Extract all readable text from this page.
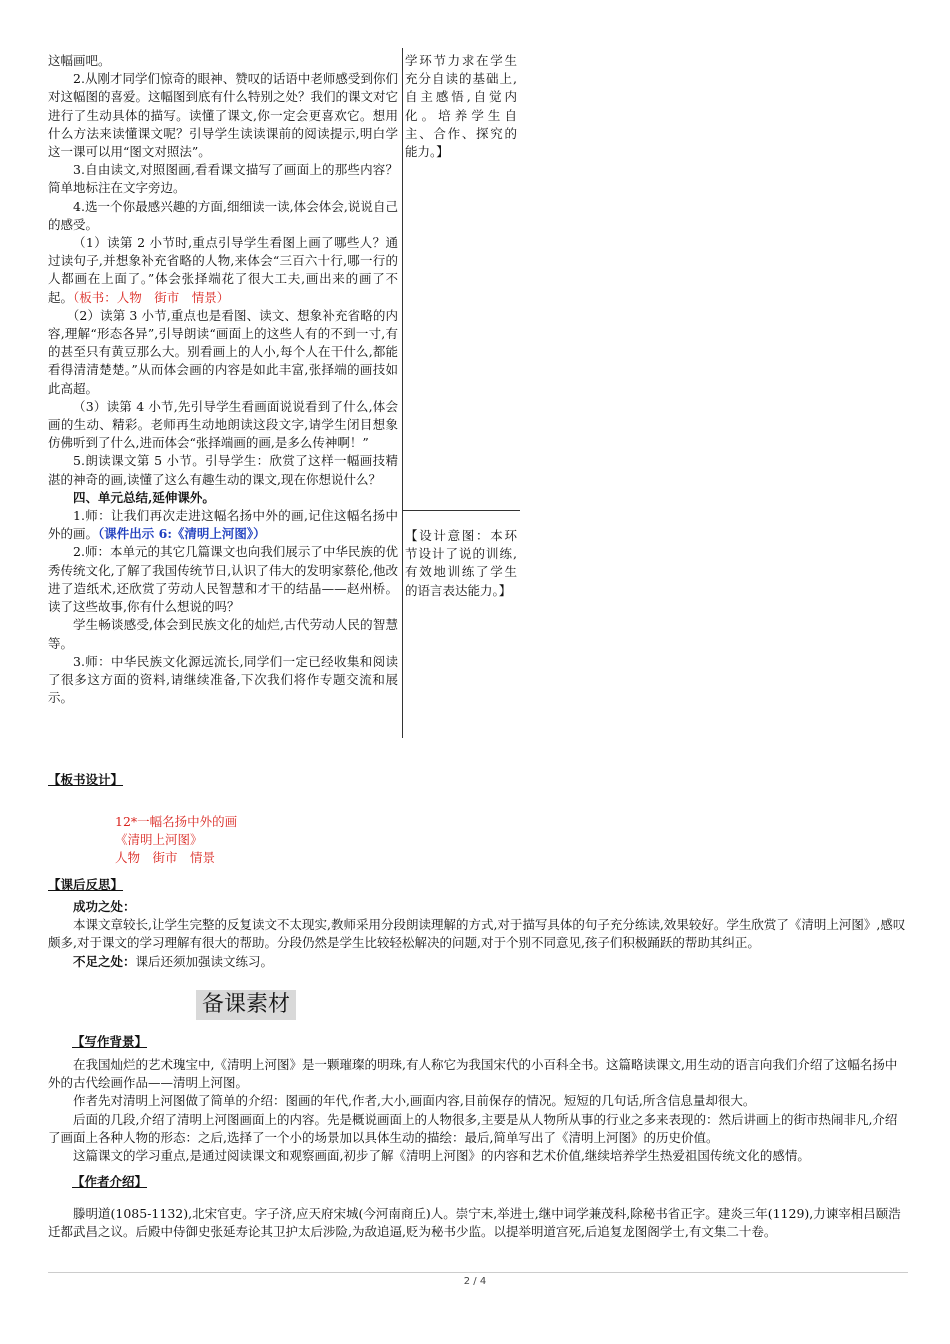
这幅画吧。

2.从刚才同学们惊奇的眼神、赞叹的话语中老师感受到你们对这幅图的喜爱。这幅图到底有什么特别之处？我们的课文对它进行了生动具体的描写。读懂了课文,你一定会更喜欢它。想用什么方法来读懂课文呢？引导学生读读课前的阅读提示,明白学这一课可以用“图文对照法”。

3.自由读文,对照图画,看看课文描写了画面上的那些内容？简单地标注在文字旁边。

4.选一个你最感兴趣的方面,细细读一读,体会体会,说说自己的感受。

（1）读第 2 小节时,重点引导学生看图上画了哪些人？通过读句子,并想象补充省略的人物,来体会“三百六十行,哪一行的人都画在上面了。”体会张择端花了很大工夫,画出来的画了不起。（板书：人物　街市　情景）

（2）读第 3 小节,重点也是看图、读文、想象补充省略的内容,理解“形态各异”,引导朗读“画面上的这些人有的不到一寸,有的甚至只有黄豆那么大。别看画上的人小,每个人在干什么,都能看得清清楚楚。”从而体会画的内容是如此丰富,张择端的画技如此高超。

（3）读第 4 小节,先引导学生看画面说说看到了什么,体会画的生动、精彩。老师再生动地朗读这段文字,请学生闭目想象仿佛听到了什么,进而体会“张择端画的画,是多么传神啊！”

5.朗读课文第 5 小节。引导学生：欣赏了这样一幅画技精湛的神奇的画,读懂了这么有趣生动的课文,现在你想说什么？

四、单元总结,延伸课外。

1.师：让我们再次走进这幅名扬中外的画,记住这幅名扬中外的画。（课件出示 6:《清明上河图》）

2.师：本单元的其它几篇课文也向我们展示了中华民族的优秀传统文化,了解了我国传统节日,认识了伟大的发明家蔡伦,他改进了造纸术,还欣赏了劳动人民智慧和才干的结晶——赵州桥。读了这些故事,你有什么想说的吗？

学生畅谈感受,体会到民族文化的灿烂,古代劳动人民的智慧等。

3.师：中华民族文化源远流长,同学们一定已经收集和阅读了很多这方面的资料,请继续准备,下次我们将作专题交流和展示。

学环节力求在学生充分自读的基础上,自主感悟,自觉内化。培养学生自主、合作、探究的能力。】
【设计意图：本环节设计了说的训练,有效地训练了学生的语言表达能力。】
【板书设计】
12*一幅名扬中外的画
《清明上河图》
人物　街市　情景
【课后反思】

成功之处：

本课文章较长,让学生完整的反复读文不太现实,教师采用分段朗读理解的方式,对于描写具体的句子充分练读,效果较好。学生欣赏了《清明上河图》,感叹颇多,对于课文的学习理解有很大的帮助。分段仍然是学生比较轻松解决的问题,对于个别不同意见,孩子们积极踊跃的帮助其纠正。

不足之处：课后还须加强读文练习。

备课素材
【写作背景】

在我国灿烂的艺术瑰宝中,《清明上河图》是一颗璀璨的明珠,有人称它为我国宋代的小百科全书。这篇略读课文,用生动的语言向我们介绍了这幅名扬中外的古代绘画作品——清明上河图。

作者先对清明上河图做了简单的介绍：图画的年代,作者,大小,画面内容,目前保存的情况。短短的几句话,所含信息量却很大。

后面的几段,介绍了清明上河图画面上的内容。先是概说画面上的人物很多,主要是从人物所从事的行业之多来表现的：然后讲画上的街市热闹非凡,介绍了画面上各种人物的形态：之后,选择了一个小的场景加以具体生动的描绘：最后,简单写出了《清明上河图》的历史价值。

这篇课文的学习重点,是通过阅读课文和观察画面,初步了解《清明上河图》的内容和艺术价值,继续培养学生热爱祖国传统文化的感情。

【作者介绍】

滕明道(1085-1132),北宋官吏。字子济,应天府宋城(今河南商丘)人。崇宁末,举进士,继中词学兼茂科,除秘书省正字。建炎三年(1129),力谏宰相吕颐浩迁都武昌之议。后殿中侍御史张延寿论其卫护太后涉险,为敌追逼,贬为秘书少监。以提举明道宫死,后追复龙图阁学士,有文集二十卷。

2 / 4
